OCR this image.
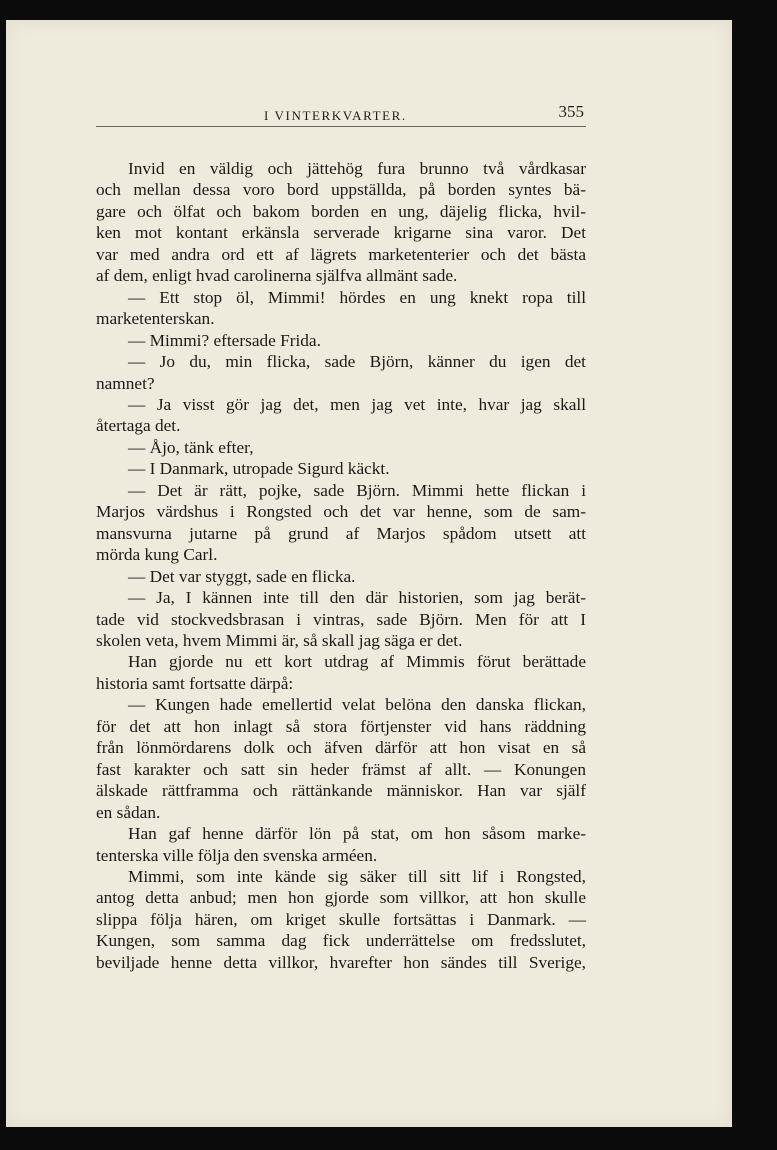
I VINTERKVARTER.	355
Invid en väldig och jättehög fura brunno två vårdkasar
och mellan dessa voro bord uppställda, på borden syntes bä-
gare och ölfat och bakom borden en ung, däjelig flicka, hvil-
ken mot kontant erkänsla serverade krigarne sina varor. Det
var med andra ord ett af lägrets marketenterier och det bästa
af dem, enligt hvad carolinerna själfva allmänt sade.
— Ett stop öl, Mimmi! hördes en ung knekt ropa till
marketenterskan.
— Mimmi? eftersade Frida.
— Jo du, min flicka, sade Björn, känner du igen det
namnet?
— Ja visst gör jag det, men jag vet inte, hvar jag skall
återtaga det.
— Åjo, tänk efter,
— I Danmark, utropade Sigurd käckt.
— Det är rätt, pojke, sade Björn. Mimmi hette flickan i
Marjos värdshus i Rongsted och det var henne, som de sam-
mansvurna jutarne på grund af Marjos spådom utsett att
mörda kung Carl.
— Det var styggt, sade en flicka.
— Ja, I kännen inte till den där historien, som jag berät-
tade vid stockvedsbrasan i vintras, sade Björn. Men för att I
skolen veta, hvem Mimmi är, så skall jag säga er det.
Han gjorde nu ett kort utdrag af Mimmis förut berättade
historia samt fortsatte därpå:
— Kungen hade emellertid velat belöna den danska flickan,
för det att hon inlagt så stora förtjenster vid hans räddning
från lönmördarens dolk och äfven därför att hon visat en så
fast karakter och satt sin heder främst af allt. — Konungen
älskade rättframma och rättänkande människor. Han var själf
en sådan.
Han gaf henne därför lön på stat, om hon såsom marke-
tenterska ville följa den svenska arméen.
Mimmi, som inte kände sig säker till sitt lif i Rongsted,
antog detta anbud; men hon gjorde som villkor, att hon skulle
slippa följa hären, om kriget skulle fortsättas i Danmark. —
Kungen, som samma dag fick underrättelse om fredsslutet,
beviljade henne detta villkor, hvarefter hon sändes till Sverige,
